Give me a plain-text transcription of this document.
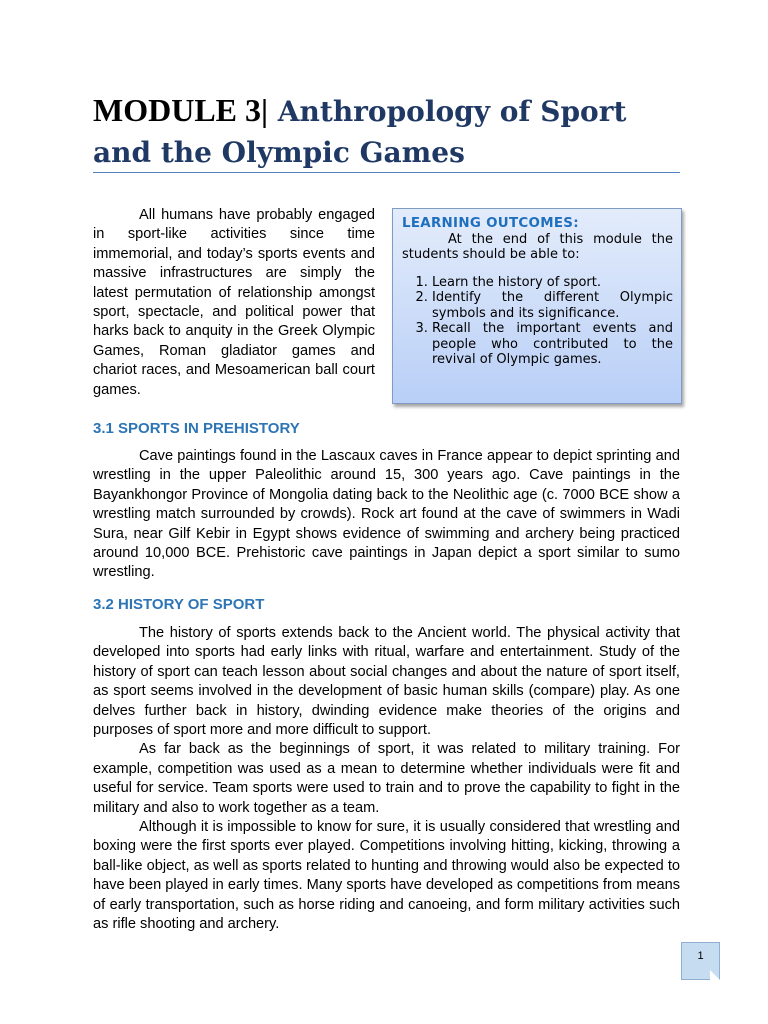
MODULE 3| Anthropology of Sport and the Olympic Games

All humans have probably engaged in sport-like activities since time immemorial, and today’s sports events and massive infrastructures are simply the latest permutation of relationship amongst sport, spectacle, and political power that harks back to anquity in the Greek Olympic Games, Roman gladiator games and chariot races, and Mesoamerican ball court games.

LEARNING OUTCOMES:

At the end of this module the students should be able to:

1. Learn the history of sport.
2. Identify the different Olympic symbols and its significance.
3. Recall the important events and people who contributed to the revival of Olympic games.
3.1 SPORTS IN PREHISTORY

Cave paintings found in the Lascaux caves in France appear to depict sprinting and wrestling in the upper Paleolithic around 15, 300 years ago. Cave paintings in the Bayankhongor Province of Mongolia dating back to the Neolithic age (c. 7000 BCE show a wrestling match surrounded by crowds). Rock art found at the cave of swimmers in Wadi Sura, near Gilf Kebir in Egypt shows evidence of swimming and archery being practiced around 10,000 BCE. Prehistoric cave paintings in Japan depict a sport similar to sumo wrestling.

3.2 HISTORY OF SPORT

The history of sports extends back to the Ancient world. The physical activity that developed into sports had early links with ritual, warfare and entertainment. Study of the history of sport can teach lesson about social changes and about the nature of sport itself, as sport seems involved in the development of basic human skills (compare) play. As one delves further back in history, dwinding evidence make theories of the origins and purposes of sport more and more difficult to support.

As far back as the beginnings of sport, it was related to military training. For example, competition was used as a mean to determine whether individuals were fit and useful for service. Team sports were used to train and to prove the capability to fight in the military and also to work together as a team.

Although it is impossible to know for sure, it is usually considered that wrestling and boxing were the first sports ever played. Competitions involving hitting, kicking, throwing a ball-like object, as well as sports related to hunting and throwing would also be expected to have been played in early times. Many sports have developed as competitions from means of early transportation, such as horse riding and canoeing, and form military activities such as rifle shooting and archery.

1
